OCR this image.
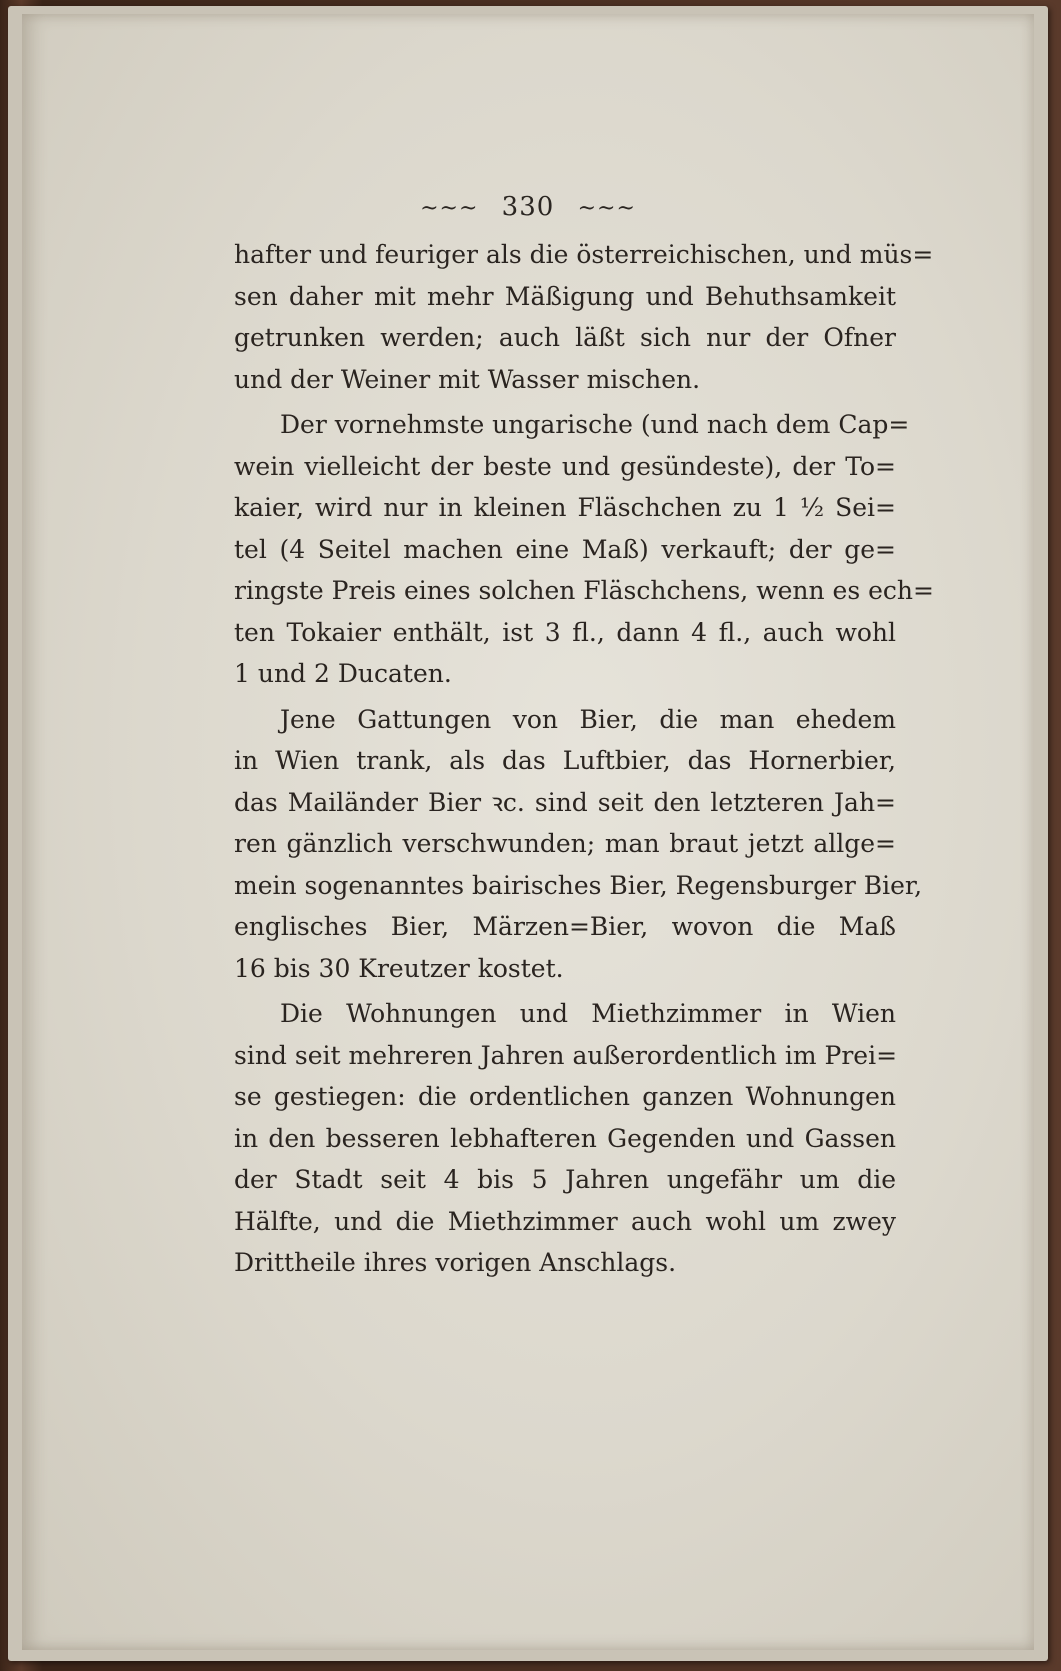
~~~ 330 ~~~
hafter und feuriger als die österreichischen, und müs=
sen daher mit mehr Mäßigung und Behuthsamkeit
getrunken werden; auch läßt sich nur der Ofner
und der Weiner mit Wasser mischen.
Der vornehmste ungarische (und nach dem Cap=
wein vielleicht der beste und gesündeste), der To=
kaier, wird nur in kleinen Fläschchen zu 1 ½ Sei=
tel (4 Seitel machen eine Maß) verkauft; der ge=
ringste Preis eines solchen Fläschchens, wenn es ech=
ten Tokaier enthält, ist 3 fl., dann 4 fl., auch wohl
1 und 2 Ducaten.
Jene Gattungen von Bier, die man ehedem
in Wien trank, als das Luftbier, das Hornerbier,
das Mailänder Bier ꝛc. sind seit den letzteren Jah=
ren gänzlich verschwunden; man braut jetzt allge=
mein sogenanntes bairisches Bier, Regensburger Bier,
englisches Bier, Märzen=Bier, wovon die Maß
16 bis 30 Kreutzer kostet.
Die Wohnungen und Miethzimmer in Wien
sind seit mehreren Jahren außerordentlich im Prei=
se gestiegen: die ordentlichen ganzen Wohnungen
in den besseren lebhafteren Gegenden und Gassen
der Stadt seit 4 bis 5 Jahren ungefähr um die
Hälfte, und die Miethzimmer auch wohl um zwey
Drittheile ihres vorigen Anschlags.
